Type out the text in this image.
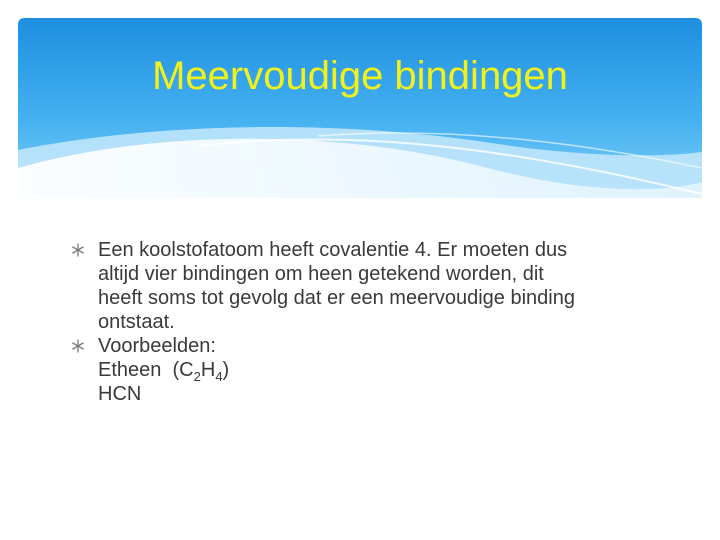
Meervoudige bindingen
Een koolstofatoom heeft covalentie 4. Er moeten dus
altijd vier bindingen om heen getekend worden, dit
heeft soms tot gevolg dat er een meervoudige binding
ontstaat.
Voorbeelden:
Etheen $(C_2H_4)$
HCN
